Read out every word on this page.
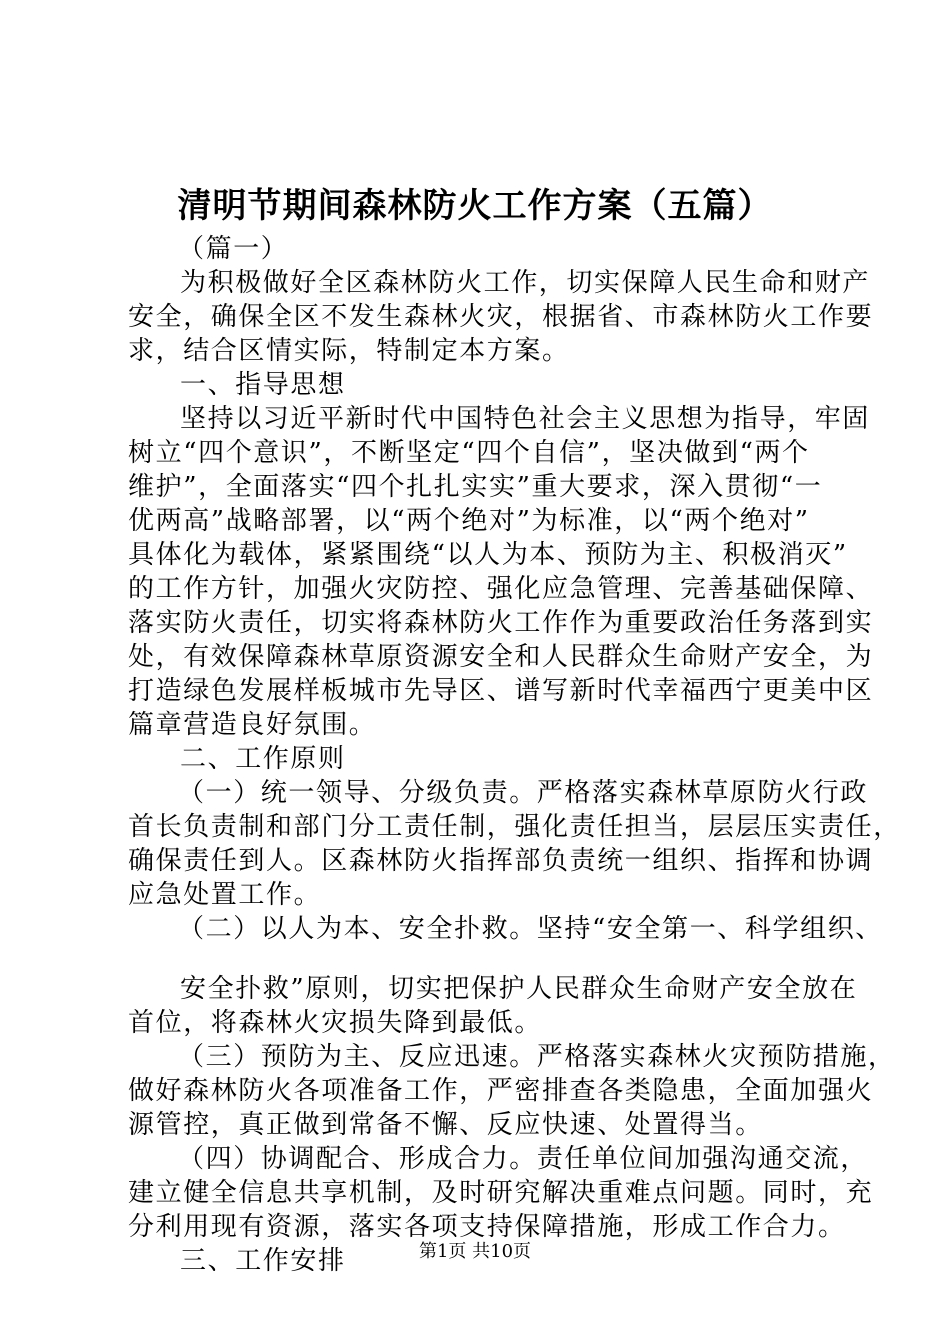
清明节期间森林防火工作方案（五篇）
（篇一）
为积极做好全区森林防火工作，切实保障人民生命和财产
安全，确保全区不发生森林火灾，根据省、市森林防火工作要
求，结合区情实际，特制定本方案。
一、指导思想
坚持以习近平新时代中国特色社会主义思想为指导，牢固
树立“四个意识”，不断坚定“四个自信”，坚决做到“两个
维护”，全面落实“四个扎扎实实”重大要求，深入贯彻“一
优两高”战略部署，以“两个绝对”为标准，以“两个绝对”
具体化为载体，紧紧围绕“以人为本、预防为主、积极消灭”
的工作方针，加强火灾防控、强化应急管理、完善基础保障、
落实防火责任，切实将森林防火工作作为重要政治任务落到实
处，有效保障森林草原资源安全和人民群众生命财产安全，为
打造绿色发展样板城市先导区、谱写新时代幸福西宁更美中区
篇章营造良好氛围。
二、工作原则
（一）统一领导、分级负责。严格落实森林草原防火行政
首长负责制和部门分工责任制，强化责任担当，层层压实责任，
确保责任到人。区森林防火指挥部负责统一组织、指挥和协调
应急处置工作。
（二）以人为本、安全扑救。坚持“安全第一、科学组织、
安全扑救”原则，切实把保护人民群众生命财产安全放在
首位，将森林火灾损失降到最低。
（三）预防为主、反应迅速。严格落实森林火灾预防措施，
做好森林防火各项准备工作，严密排查各类隐患，全面加强火
源管控，真正做到常备不懈、反应快速、处置得当。
（四）协调配合、形成合力。责任单位间加强沟通交流，
建立健全信息共享机制，及时研究解决重难点问题。同时，充
分利用现有资源，落实各项支持保障措施，形成工作合力。
三、工作安排	第1页 共10页
